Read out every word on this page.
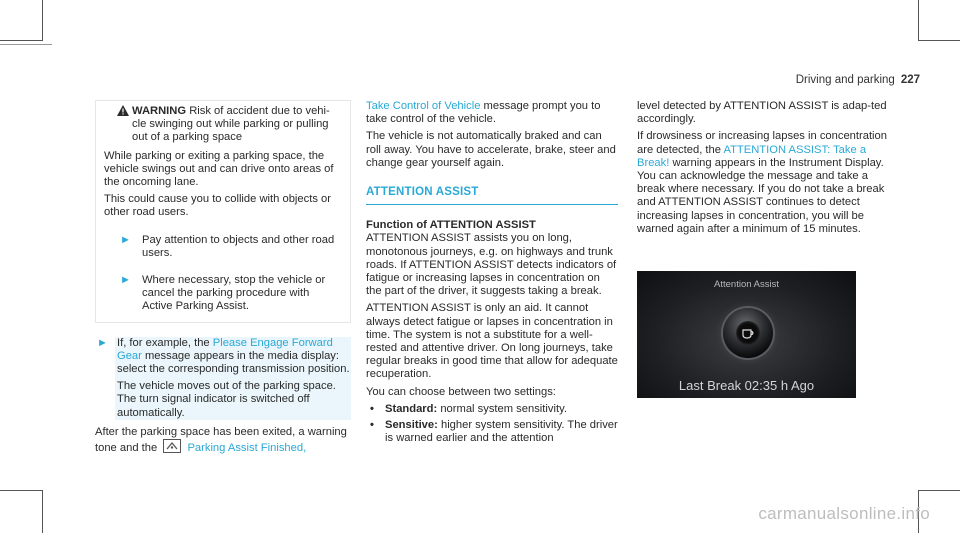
Driving and parking 227
WARNING Risk of accident due to vehi-cle swinging out while parking or pulling out of a parking space

While parking or exiting a parking space, the vehicle swings out and can drive onto areas of the oncoming lane.

This could cause you to collide with objects or other road users.

► Pay attention to objects and other road users.
► Where necessary, stop the vehicle or cancel the parking procedure with Active Parking Assist.
► If, for example, the Please Engage Forward Gear message appears in the media display: select the corresponding transmission position.

The vehicle moves out of the parking space.

The turn signal indicator is switched off automatically.

After the parking space has been exited, a warning tone and the	Parking Assist Finished,

Take Control of Vehicle message prompt you to take control of the vehicle.

The vehicle is not automatically braked and can roll away. You have to accelerate, brake, steer and change gear yourself again.

ATTENTION ASSIST
Function of ATTENTION ASSIST

ATTENTION ASSIST assists you on long, monotonous journeys, e.g. on highways and trunk roads. If ATTENTION ASSIST detects indicators of fatigue or increasing lapses in concentration on the part of the driver, it suggests taking a break.

ATTENTION ASSIST is only an aid. It cannot always detect fatigue or lapses in concentration in time. The system is not a substitute for a well-rested and attentive driver. On long journeys, take regular breaks in good time that allow for adequate recuperation.

You can choose between two settings:

• Standard: normal system sensitivity.
• Sensitive: higher system sensitivity. The driver is warned earlier and the attention

level detected by ATTENTION ASSIST is adap-ted accordingly.

If drowsiness or increasing lapses in concentration are detected, the ATTENTION ASSIST: Take a Break! warning appears in the Instrument Display. You can acknowledge the message and take a break where necessary. If you do not take a break and ATTENTION ASSIST continues to detect increasing lapses in concentration, you will be warned again after a minimum of 15 minutes.

Attention Assist
Last Break 02:35 h Ago
carmanualsonline.info
